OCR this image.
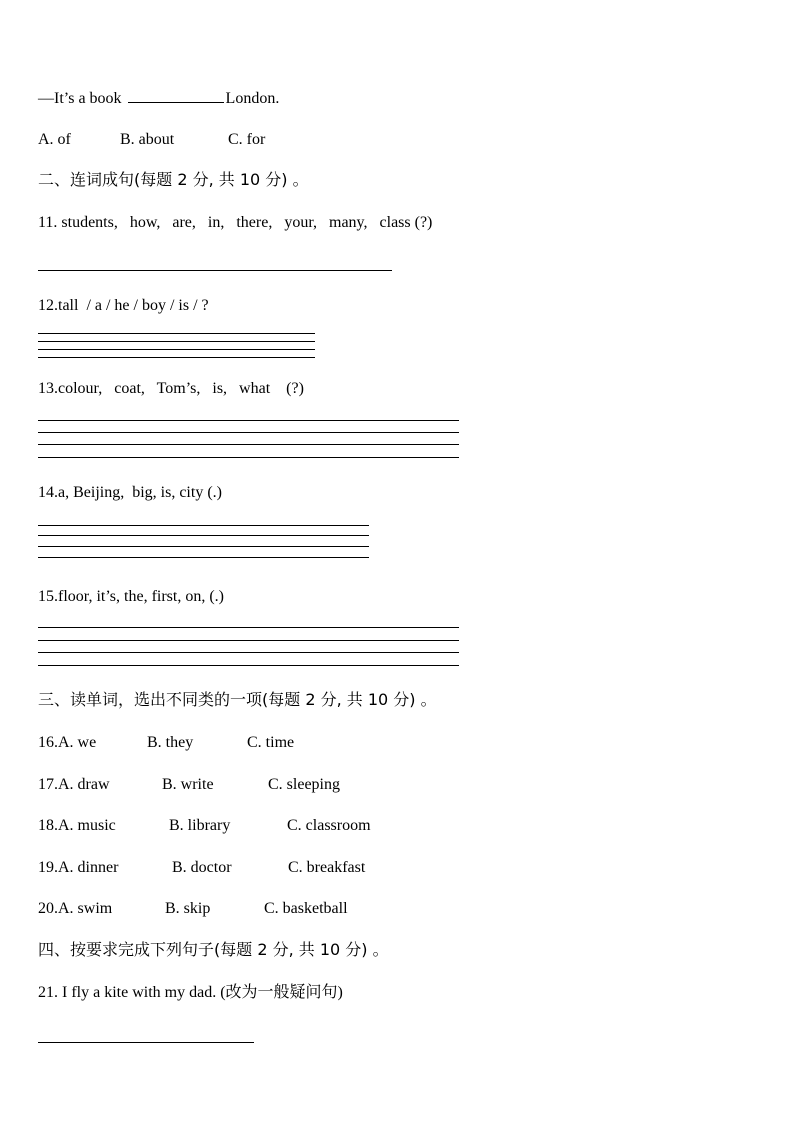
—It’s a book	London.
A. of	B. about	C. for
二、连词成句(每题 2 分, 共 10 分) 。
11. students,   how,   are,   in,   there,   your,   many,   class (?)
12.tall  / a / he / boy / is / ?
13.colour,   coat,   Tom’s,   is,   what    (?)
14.a, Beijing,  big, is, city (.)
15.floor, it’s, the, first, on, (.)
三、读单词，选出不同类的一项(每题 2 分, 共 10 分) 。
16.A. we	B. they	C. time
17.A. draw	B. write	C. sleeping
18.A. music	B. library	C. classroom
19.A. dinner	B. doctor	C. breakfast
20.A. swim	B. skip	C. basketball
四、按要求完成下列句子(每题 2 分, 共 10 分) 。
21. I fly a kite with my dad. (改为一般疑问句)
